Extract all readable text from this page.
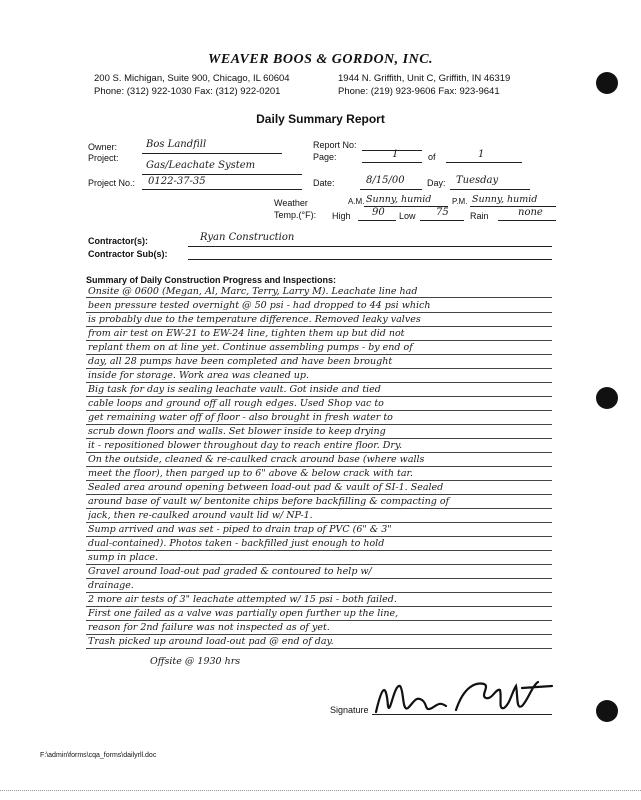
WEAVER BOOS & GORDON, INC.
200 S. Michigan, Suite 900, Chicago, IL 60604
Phone: (312) 922-1030 Fax: (312) 922-0201
1944 N. Griffith, Unit C, Griffith, IN 46319
Phone: (219) 923-9606 Fax: 923-9641
Daily Summary Report
Owner:	Bos Landfill
Project:
Gas/Leachate System
Project No.: 0122-37-35
Report No:
Page:	1	of	1
Date:	8/15/00 Day: Tuesday
Weather
Temp.(°F):
A.M. Sunny, humid	P.M. Sunny, humid
High 90 Low 75 Rain	none
Contractor(s):	Ryan Construction
Contractor Sub(s):
Summary of Daily Construction Progress and Inspections:
Onsite @ 0600 (Megan, Al, Marc, Terry, Larry M). Leachate line had
been pressure tested overnight @ 50 psi - had dropped to 44 psi which
is probably due to the temperature difference. Removed leaky valves
from air test on EW-21 to EW-24 line, tighten them up but did not
replant them on at line yet. Continue assembling pumps - by end of
day, all 28 pumps have been completed and have been brought
inside for storage. Work area was cleaned up.
Big task for day is sealing leachate vault. Got inside and tied
cable loops and ground off all rough edges. Used Shop vac to
get remaining water off of floor - also brought in fresh water to
scrub down floors and walls. Set blower inside to keep drying
it - repositioned blower throughout day to reach entire floor. Dry.
On the outside, cleaned & re-caulked crack around base (where walls
meet the floor), then parged up to 6" above & below crack with tar.
Sealed area around opening between load-out pad & vault of SI-1. Sealed
around base of vault w/ bentonite chips before backfilling & compacting of
jack, then re-caulked around vault lid w/ NP-1.
Sump arrived and was set - piped to drain trap of PVC (6" & 3"
dual-contained). Photos taken - backfilled just enough to hold
sump in place.
Gravel around load-out pad graded & contoured to help w/
drainage.
2 more air tests of 3" leachate attempted w/ 15 psi - both failed.
First one failed as a valve was partially open further up the line,
reason for 2nd failure was not inspected as of yet.
Trash picked up around load-out pad @ end of day.
Offsite @ 1930 hrs
Signature
F:\admin\forms\cqa_forms\dailyrll.doc
